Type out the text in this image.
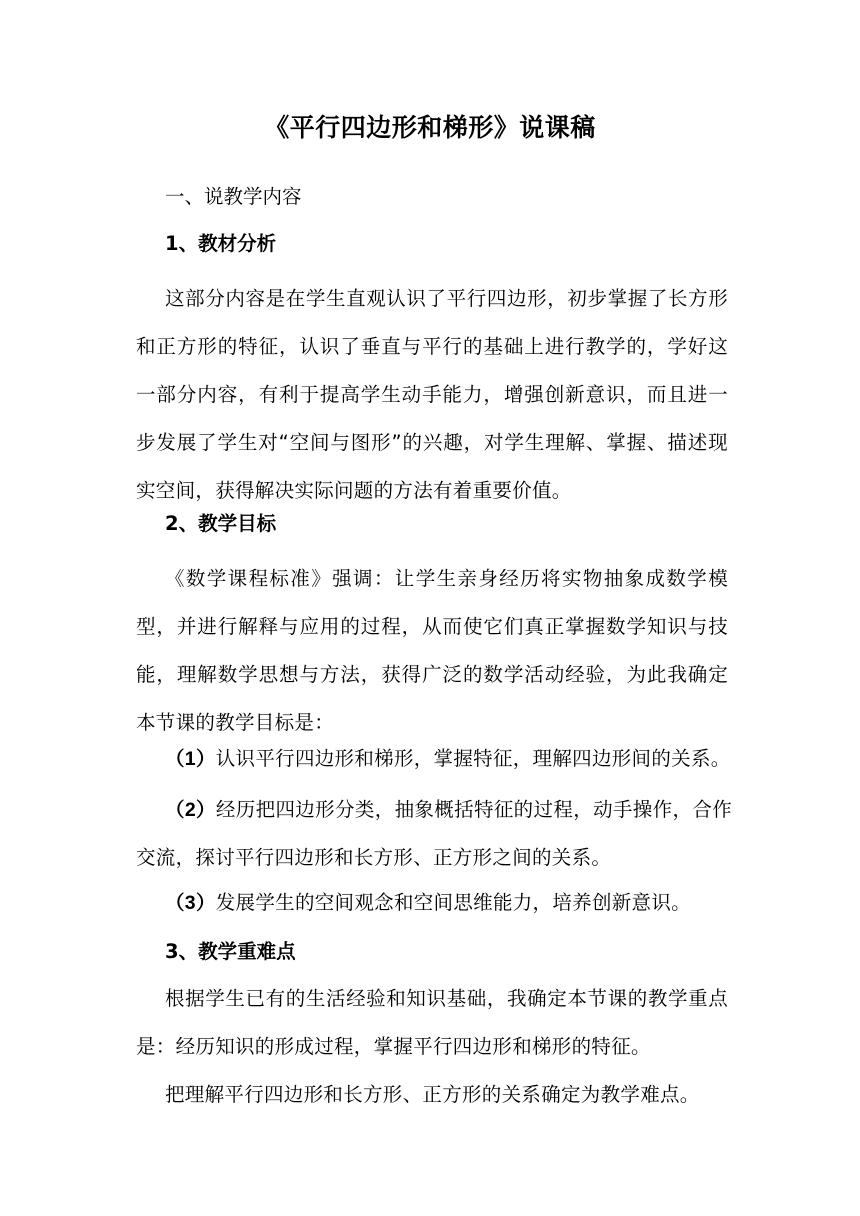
《平行四边形和梯形》说课稿
一、说教学内容
1、教材分析
这部分内容是在学生直观认识了平行四边形，初步掌握了长方形和正方形的特征，认识了垂直与平行的基础上进行教学的，学好这一部分内容，有利于提高学生动手能力，增强创新意识，而且进一步发展了学生对“空间与图形”的兴趣，对学生理解、掌握、描述现实空间，获得解决实际问题的方法有着重要价值。
2、教学目标
《数学课程标准》强调：让学生亲身经历将实物抽象成数学模型，并进行解释与应用的过程，从而使它们真正掌握数学知识与技能，理解数学思想与方法，获得广泛的数学活动经验，为此我确定本节课的教学目标是：
（1）认识平行四边形和梯形，掌握特征，理解四边形间的关系。
（2）经历把四边形分类，抽象概括特征的过程，动手操作，合作交流，探讨平行四边形和长方形、正方形之间的关系。
（3）发展学生的空间观念和空间思维能力，培养创新意识。
3、教学重难点
根据学生已有的生活经验和知识基础，我确定本节课的教学重点是：经历知识的形成过程，掌握平行四边形和梯形的特征。
把理解平行四边形和长方形、正方形的关系确定为教学难点。
